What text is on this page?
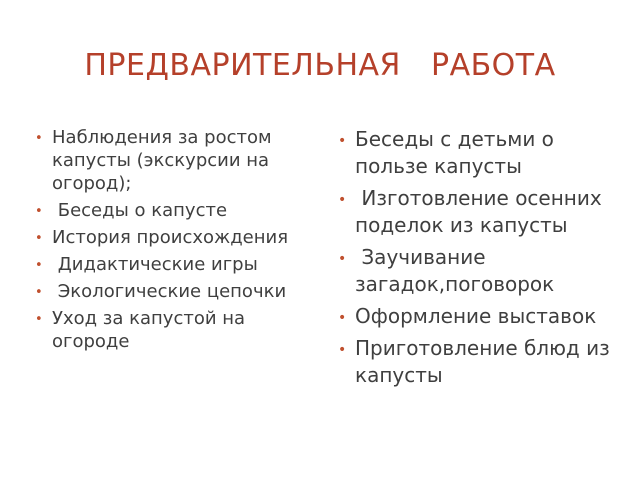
ПРЕДВАРИТЕЛЬНАЯ   РАБОТА
• Наблюдения за ростом капусты (экскурсии на огород);
• Беседы о капусте
• История происхождения
• Дидактические игры
• Экологические цепочки
• Уход за капустой на огороде
• Беседы с детьми о пользе капусты
• Изготовление осенних поделок из капусты
• Заучивание загадок,поговорок
• Оформление выставок
• Приготовление блюд из капусты
